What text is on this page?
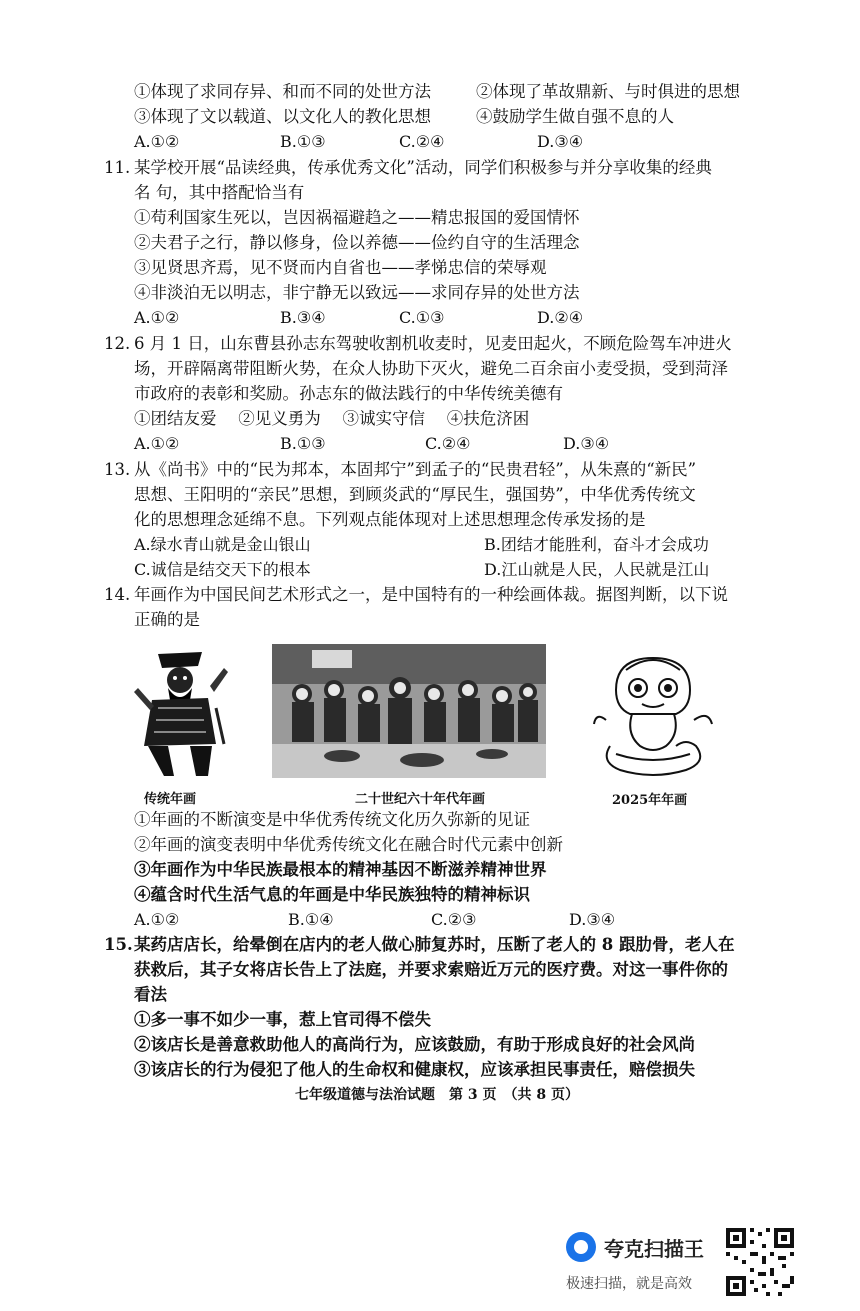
①体现了求同存异、和而不同的处世方法	②体现了革故鼎新、与时俱进的思想
③体现了文以载道、以文化人的教化思想	④鼓励学生做自强不息的人
A.①②	B.①③	C.②④	D.③④
11. 某学校开展“品读经典，传承优秀文化”活动，同学们积极参与并分享收集的经典
名 句，其中搭配恰当有
①苟利国家生死以，岂因祸福避趋之——精忠报国的爱国情怀
②夫君子之行，静以修身，俭以养德——俭约自守的生活理念
③见贤思齐焉，见不贤而内自省也——孝悌忠信的荣辱观
④非淡泊无以明志，非宁静无以致远——求同存异的处世方法
A.①②	B.③④	C.①③	D.②④
12. 6 月 1 日，山东曹县孙志东驾驶收割机收麦时，见麦田起火，不顾危险驾车冲进火
场，开辟隔离带阻断火势，在众人协助下灭火，避免二百余亩小麦受损，受到菏泽
市政府的表彰和奖励。孙志东的做法践行的中华传统美德有
①团结友爱　 ②见义勇为　 ③诚实守信　 ④扶危济困
A.①②	B.①③	C.②④	D.③④
13. 从《尚书》中的“民为邦本，本固邦宁”到孟子的“民贵君轻”，从朱熹的“新民”
思想、王阳明的“亲民”思想，到顾炎武的“厚民生，强国势”，中华优秀传统文
化的思想理念延绵不息。下列观点能体现对上述思想理念传承发扬的是
A.绿水青山就是金山银山	B.团结才能胜利，奋斗才会成功
C.诚信是结交天下的根本	D.江山就是人民，人民就是江山
14. 年画作为中国民间艺术形式之一，是中国特有的一种绘画体裁。据图判断，以下说
正确的是
传统年画	二十世纪六十年代年画	2025年年画
①年画的不断演变是中华优秀传统文化历久弥新的见证
②年画的演变表明中华优秀传统文化在融合时代元素中创新
③年画作为中华民族最根本的精神基因不断滋养精神世界
④蕴含时代生活气息的年画是中华民族独特的精神标识
A.①②	B.①④	C.②③	D.③④
15. 某药店店长，给晕倒在店内的老人做心肺复苏时，压断了老人的 8 跟肋骨，老人在
获救后，其子女将店长告上了法庭，并要求索赔近万元的医疗费。对这一事件你的
看法
①多一事不如少一事，惹上官司得不偿失
②该店长是善意救助他人的高尚行为，应该鼓励，有助于形成良好的社会风尚
③该店长的行为侵犯了他人的生命权和健康权，应该承担民事责任，赔偿损失
七年级道德与法治试题　第 3 页　（共 8 页）
夸克扫描王
极速扫描，就是高效
